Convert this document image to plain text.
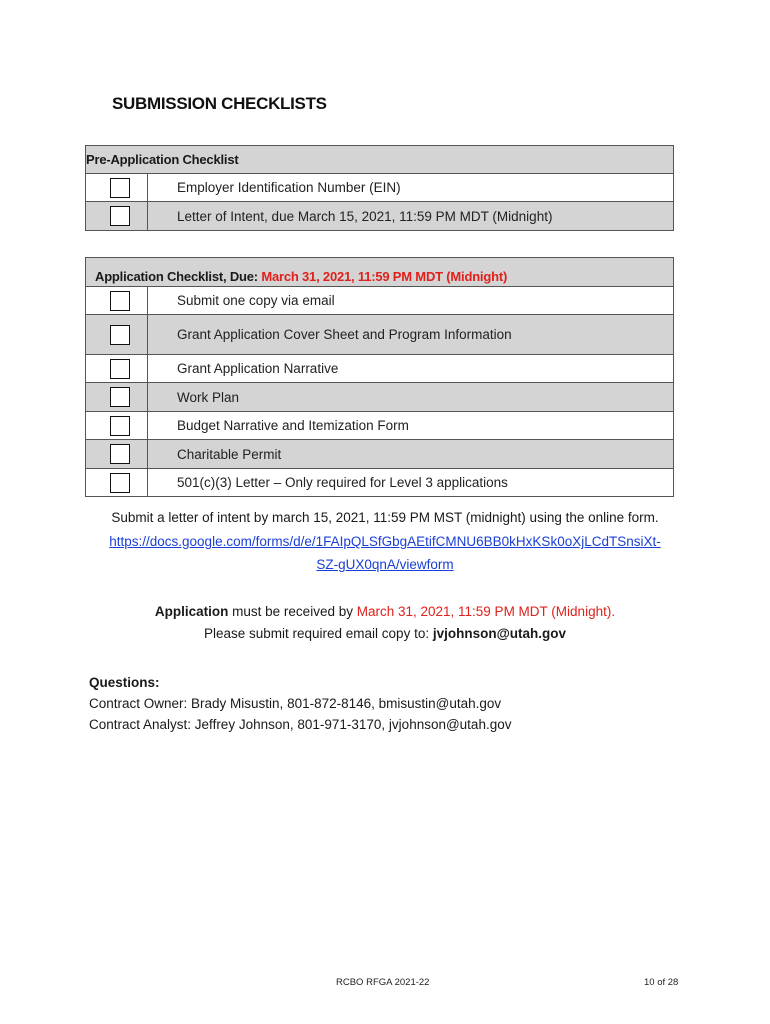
SUBMISSION CHECKLISTS
Pre-Application Checklist	

	Employer Identification Number (EIN)

	Letter of Intent, due March 15, 2021, 11:59 PM MDT (Midnight)
Application Checklist, Due: March 31, 2021, 11:59 PM MDT (Midnight)	

	Submit one copy via email

	Grant Application Cover Sheet and Program Information

	Grant Application Narrative

	Work Plan

	Budget Narrative and Itemization Form

	Charitable Permit

	501(c)(3) Letter – Only required for Level 3 applications
Submit a letter of intent by march 15, 2021, 11:59 PM MST (midnight) using the online form.
https://docs.google.com/forms/d/e/1FAIpQLSfGbgAEtifCMNU6BB0kHxKSk0oXjLCdTSnsiXt-
SZ-gUX0qnA/viewform
Application must be received by March 31, 2021, 11:59 PM MDT (Midnight).
Please submit required email copy to: jvjohnson@utah.gov
Questions:
Contract Owner: Brady Misustin, 801-872-8146, bmisustin@utah.gov
Contract Analyst: Jeffrey Johnson, 801-971-3170, jvjohnson@utah.gov
RCBO RFGA 2021-22	10 of 28
